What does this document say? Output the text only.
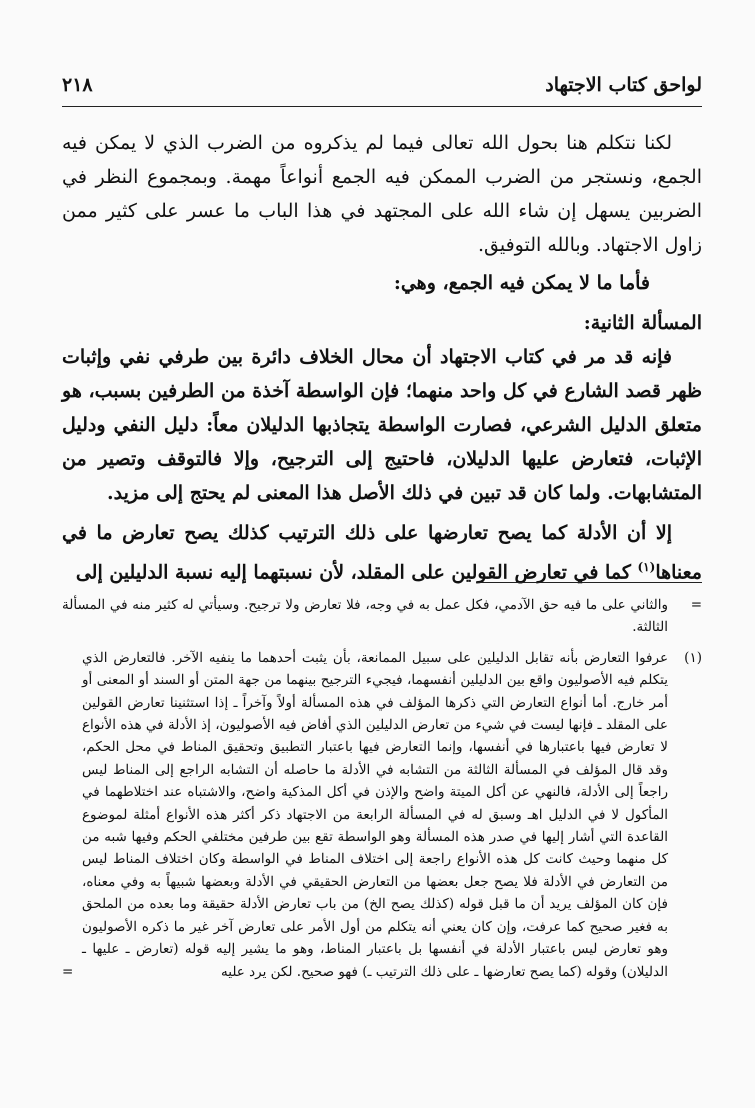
لواحق كتاب الاجتهاد
٢١٨

لكنا نتكلم هنا بحول الله تعالى فيما لم يذكروه من الضرب الذي لا يمكن فيه الجمع، ونستجر من الضرب الممكن فيه الجمع أنواعاً مهمة. وبمجموع النظر في الضربين يسهل إن شاء الله على المجتهد في هذا الباب ما عسر على كثير ممن زاول الاجتهاد. وبالله التوفيق.

فأما ما لا يمكن فيه الجمع، وهي:

المسألة الثانية:

فإنه قد مر في كتاب الاجتهاد أن محال الخلاف دائرة بين طرفي نفي وإثبات ظهر قصد الشارع في كل واحد منهما؛ فإن الواسطة آخذة من الطرفين بسبب، هو متعلق الدليل الشرعي، فصارت الواسطة يتجاذبها الدليلان معاً: دليل النفي ودليل الإثبات، فتعارض عليها الدليلان، فاحتيج إلى الترجيح، وإلا فالتوقف وتصير من المتشابهات. ولما كان قد تبين في ذلك الأصل هذا المعنى لم يحتج إلى مزيد.

إلا أن الأدلة كما يصح تعارضها على ذلك الترتيب كذلك يصح تعارض ما في معناها$^{(١)}$ كما في تعارض القولين على المقلد، لأن نسبتهما إليه نسبة الدليلين إلى

=
والثاني على ما فيه حق الآدمي، فكل عمل به في وجه، فلا تعارض ولا ترجيح. وسيأتي له كثير منه في المسألة الثالثة.
(١)
عرفوا التعارض بأنه تقابل الدليلين على سبيل الممانعة، بأن يثبت أحدهما ما ينفيه الآخر. فالتعارض الذي يتكلم فيه الأصوليون واقع بين الدليلين أنفسهما، فيجيء الترجيح بينهما من جهة المتن أو السند أو المعنى أو أمر خارج. أما أنواع التعارض التي ذكرها المؤلف في هذه المسألة أولاً وآخراً ـ إذا استثنينا تعارض القولين على المقلد ـ فإنها ليست في شيء من تعارض الدليلين الذي أفاض فيه الأصوليون، إذ الأدلة في هذه الأنواع لا تعارض فيها باعتبارها في أنفسها، وإنما التعارض فيها باعتبار التطبيق وتحقيق المناط في محل الحكم، وقد قال المؤلف في المسألة الثالثة من التشابه في الأدلة ما حاصله أن التشابه الراجع إلى المناط ليس راجعاً إلى الأدلة، فالنهي عن أكل الميتة واضح والإذن في أكل المذكية واضح، والاشتباه عند اختلاطهما في المأكول لا في الدليل اهـ وسبق له في المسألة الرابعة من الاجتهاد ذكر أكثر هذه الأنواع أمثلة لموضوع القاعدة التي أشار إليها في صدر هذه المسألة وهو الواسطة تقع بين طرفين مختلفي الحكم وفيها شبه من كل منهما وحيث كانت كل هذه الأنواع راجعة إلى اختلاف المناط في الواسطة وكان اختلاف المناط ليس من التعارض في الأدلة فلا يصح جعل بعضها من التعارض الحقيقي في الأدلة وبعضها شبيهاً به وفي معناه، فإن كان المؤلف يريد أن ما قبل قوله (كذلك يصح الخ) من باب تعارض الأدلة حقيقة وما بعده من الملحق به فغير صحيح كما عرفت، وإن كان يعني أنه يتكلم من أول الأمر على تعارض آخر غير ما ذكره الأصوليون وهو تعارض ليس باعتبار الأدلة في أنفسها بل باعتبار المناط، وهو ما يشير إليه قوله (تعارض ـ عليها ـ الدليلان) وقوله (كما يصح تعارضها ـ على ذلك الترتيب ـ) فهو صحيح. لكن يرد عليه
=
